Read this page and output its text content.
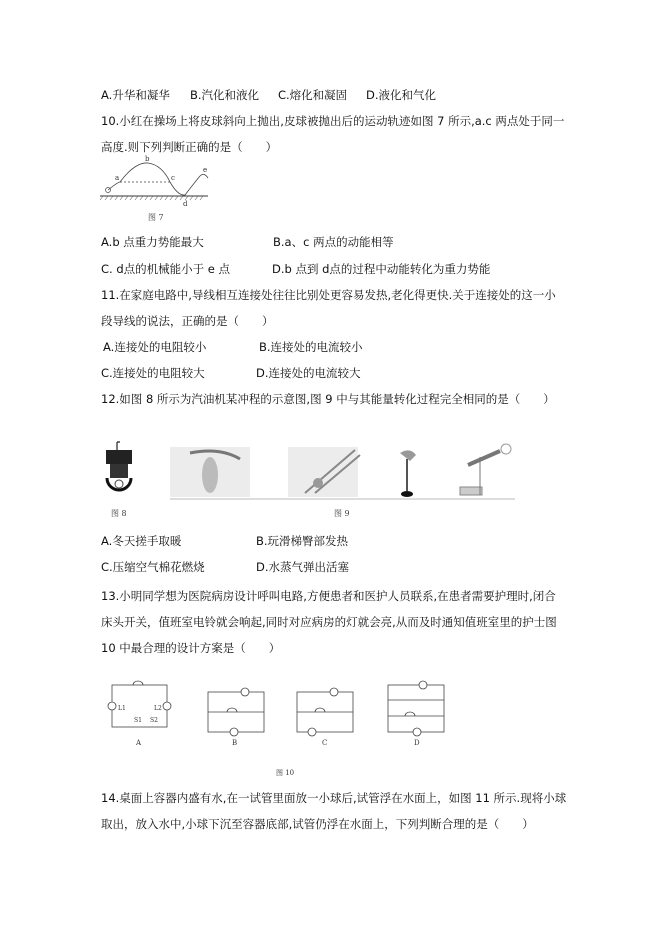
A.升华和凝华 B.汽化和液化 C.熔化和凝固 D.液化和气化
10.小红在操场上将皮球斜向上抛出,皮球被抛出后的运动轨迹如图 7 所示,a.c 两点处于同一
高度.则下列判断正确的是（　　）
a
b
c
d
e
图 7
A.b 点重力势能最大	B.a、c 两点的动能相等
C. d点的机械能小于 e 点	D.b 点到 d点的过程中动能转化为重力势能
11.在家庭电路中,导线相互连接处往往比别处更容易发热,老化得更快.关于连接处的这一小
段导线的说法，正确的是（　　）
A.连接处的电阻较小	B.连接处的电流较小
C.连接处的电阻较大	D.连接处的电流较大
12.如图 8 所示为汽油机某冲程的示意图,图 9 中与其能量转化过程完全相同的是（　　）
图 8	图 9
A.冬天搓手取暖	B.玩滑梯臀部发热
C.压缩空气棉花燃烧	D.水蒸气弹出活塞
13.小明同学想为医院病房设计呼叫电路,方便患者和医护人员联系,在患者需要护理时,闭合
床头开关，值班室电铃就会响起,同时对应病房的灯就会亮,从而及时通知值班室里的护士图
10 中最合理的设计方案是（　　）
L1	L2
S1 S2
A	B	C	D
图 10
14.桌面上容器内盛有水,在一试管里面放一小球后,试管浮在水面上，如图 11 所示.现将小球
取出，放入水中,小球下沉至容器底部,试管仍浮在水面上，下列判断合理的是（　　）
